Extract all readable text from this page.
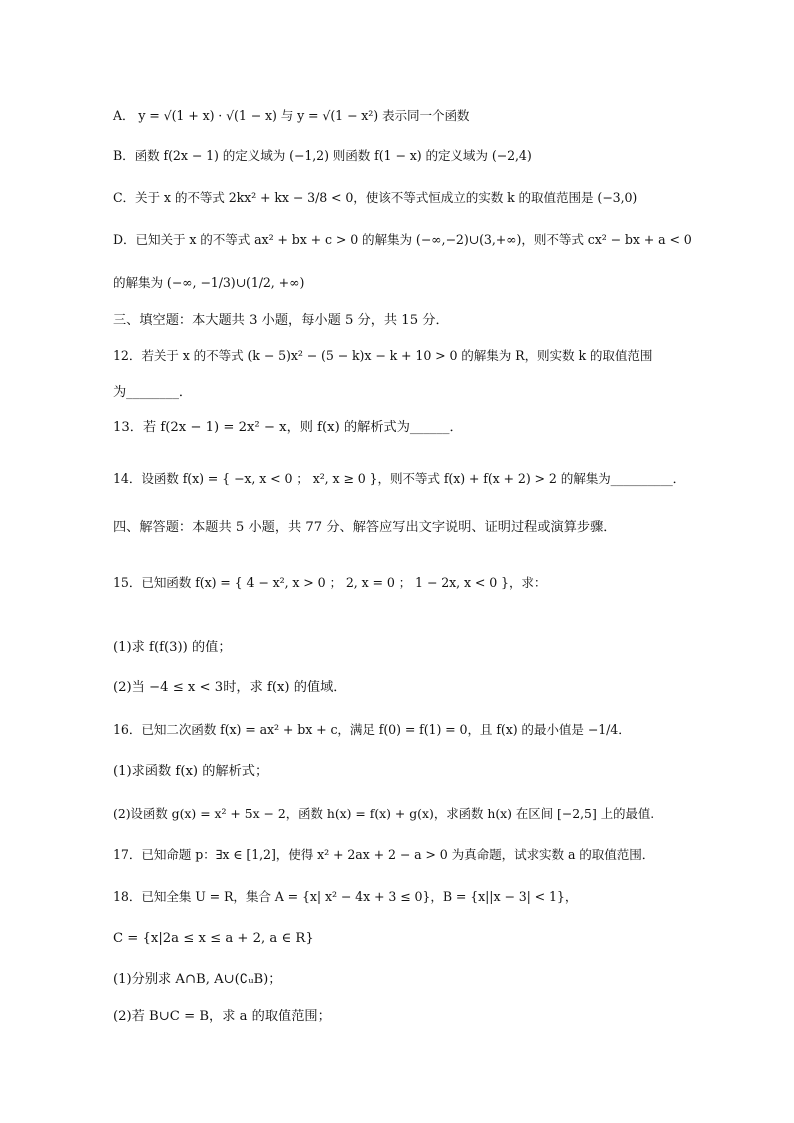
A． y = √(1 + x) · √(1 − x) 与 y = √(1 − x²) 表示同一个函数
B．函数 f(2x − 1) 的定义域为 (−1,2) 则函数 f(1 − x) 的定义域为 (−2,4)
C．关于 x 的不等式 2kx² + kx − 3/8 < 0，使该不等式恒成立的实数 k 的取值范围是 (−3,0)
D．已知关于 x 的不等式 ax² + bx + c > 0 的解集为 (−∞,−2)∪(3,+∞)，则不等式 cx² − bx + a < 0
的解集为 (−∞, −1/3)∪(1/2, +∞)
三、填空题：本大题共 3 小题，每小题 5 分，共 15 分．
12．若关于 x 的不等式 (k − 5)x² − (5 − k)x − k + 10 > 0 的解集为 R，则实数 k 的取值范围
为________．
13．若 f(2x − 1) = 2x² − x，则 f(x) 的解析式为______．
14．设函数 f(x) = { −x, x < 0 ； x², x ≥ 0 }，则不等式 f(x) + f(x + 2) > 2 的解集为__________．
四、解答题：本题共 5 小题，共 77 分、解答应写出文字说明、证明过程或演算步骤．
15．已知函数 f(x) = { 4 − x², x > 0 ； 2, x = 0 ； 1 − 2x, x < 0 }，求：
(1)求 f(f(3)) 的值；
(2)当 −4 ≤ x < 3时，求 f(x) 的值域．
16．已知二次函数 f(x) = ax² + bx + c，满足 f(0) = f(1) = 0，且 f(x) 的最小值是 −1/4．
(1)求函数 f(x) 的解析式；
(2)设函数 g(x) = x² + 5x − 2，函数 h(x) = f(x) + g(x)，求函数 h(x) 在区间 [−2,5] 上的最值.
17．已知命题 p：∃x ∈ [1,2]，使得 x² + 2ax + 2 − a > 0 为真命题，试求实数 a 的取值范围．
18．已知全集 U = R，集合 A = {x| x² − 4x + 3 ≤ 0}，B = {x||x − 3| < 1}，
C = {x|2a ≤ x ≤ a + 2, a ∈ R}
(1)分别求 A∩B, A∪(∁ᵤB)；
(2)若 B∪C = B，求 a 的取值范围；
